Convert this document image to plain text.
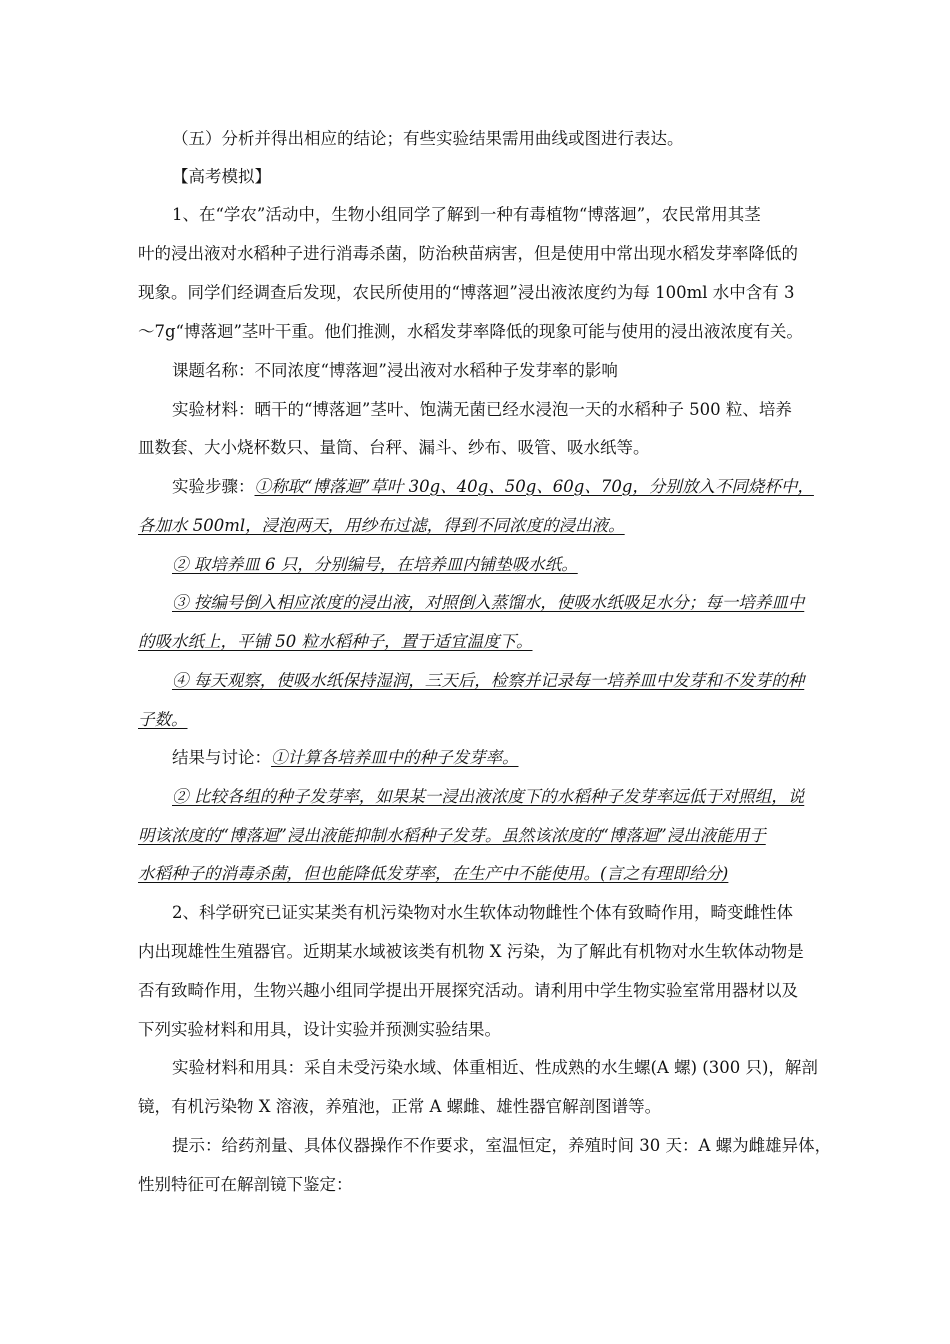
（五）分析并得出相应的结论；有些实验结果需用曲线或图进行表达。
【高考模拟】
1、在“学农”活动中，生物小组同学了解到一种有毒植物“博落迴”，农民常用其茎
叶的浸出液对水稻种子进行消毒杀菌，防治秧苗病害，但是使用中常出现水稻发芽率降低的
现象。同学们经调查后发现，农民所使用的“博落迴”浸出液浓度约为每 100ml 水中含有 3
～7g“博落迴”茎叶干重。他们推测，水稻发芽率降低的现象可能与使用的浸出液浓度有关。
课题名称：不同浓度“博落迴”浸出液对水稻种子发芽率的影响
实验材料：晒干的“博落迴”茎叶、饱满无菌已经水浸泡一天的水稻种子 500 粒、培养
皿数套、大小烧杯数只、量筒、台秤、漏斗、纱布、吸管、吸水纸等。
实验步骤：①称取“博落迴”草叶 30g、40g、50g、60g、70g，分别放入不同烧杯中，
各加水 500ml，浸泡两天，用纱布过滤，得到不同浓度的浸出液。
② 取培养皿 6 只，分别编号，在培养皿内铺垫吸水纸。
③ 按编号倒入相应浓度的浸出液，对照倒入蒸馏水，使吸水纸吸足水分；每一培养皿中
的吸水纸上，平铺 50 粒水稻种子，置于适宜温度下。
④ 每天观察，使吸水纸保持湿润，三天后，检察并记录每一培养皿中发芽和不发芽的种
子数。
结果与讨论：①计算各培养皿中的种子发芽率。
② 比较各组的种子发芽率，如果某一浸出液浓度下的水稻种子发芽率远低于对照组，说
明该浓度的“博落迴”浸出液能抑制水稻种子发芽。虽然该浓度的“博落迴”浸出液能用于
水稻种子的消毒杀菌，但也能降低发芽率，在生产中不能使用。(言之有理即给分)
2、科学研究已证实某类有机污染物对水生软体动物雌性个体有致畸作用，畸变雌性体
内出现雄性生殖器官。近期某水域被该类有机物 X 污染，为了解此有机物对水生软体动物是
否有致畸作用，生物兴趣小组同学提出开展探究活动。请利用中学生物实验室常用器材以及
下列实验材料和用具，设计实验并预测实验结果。
实验材料和用具：采自未受污染水域、体重相近、性成熟的水生螺(A 螺) (300 只)，解剖
镜，有机污染物 X 溶液，养殖池，正常 A 螺雌、雄性器官解剖图谱等。
提示：给药剂量、具体仪器操作不作要求，室温恒定，养殖时间 30 天：A 螺为雌雄异体，
性别特征可在解剖镜下鉴定：
